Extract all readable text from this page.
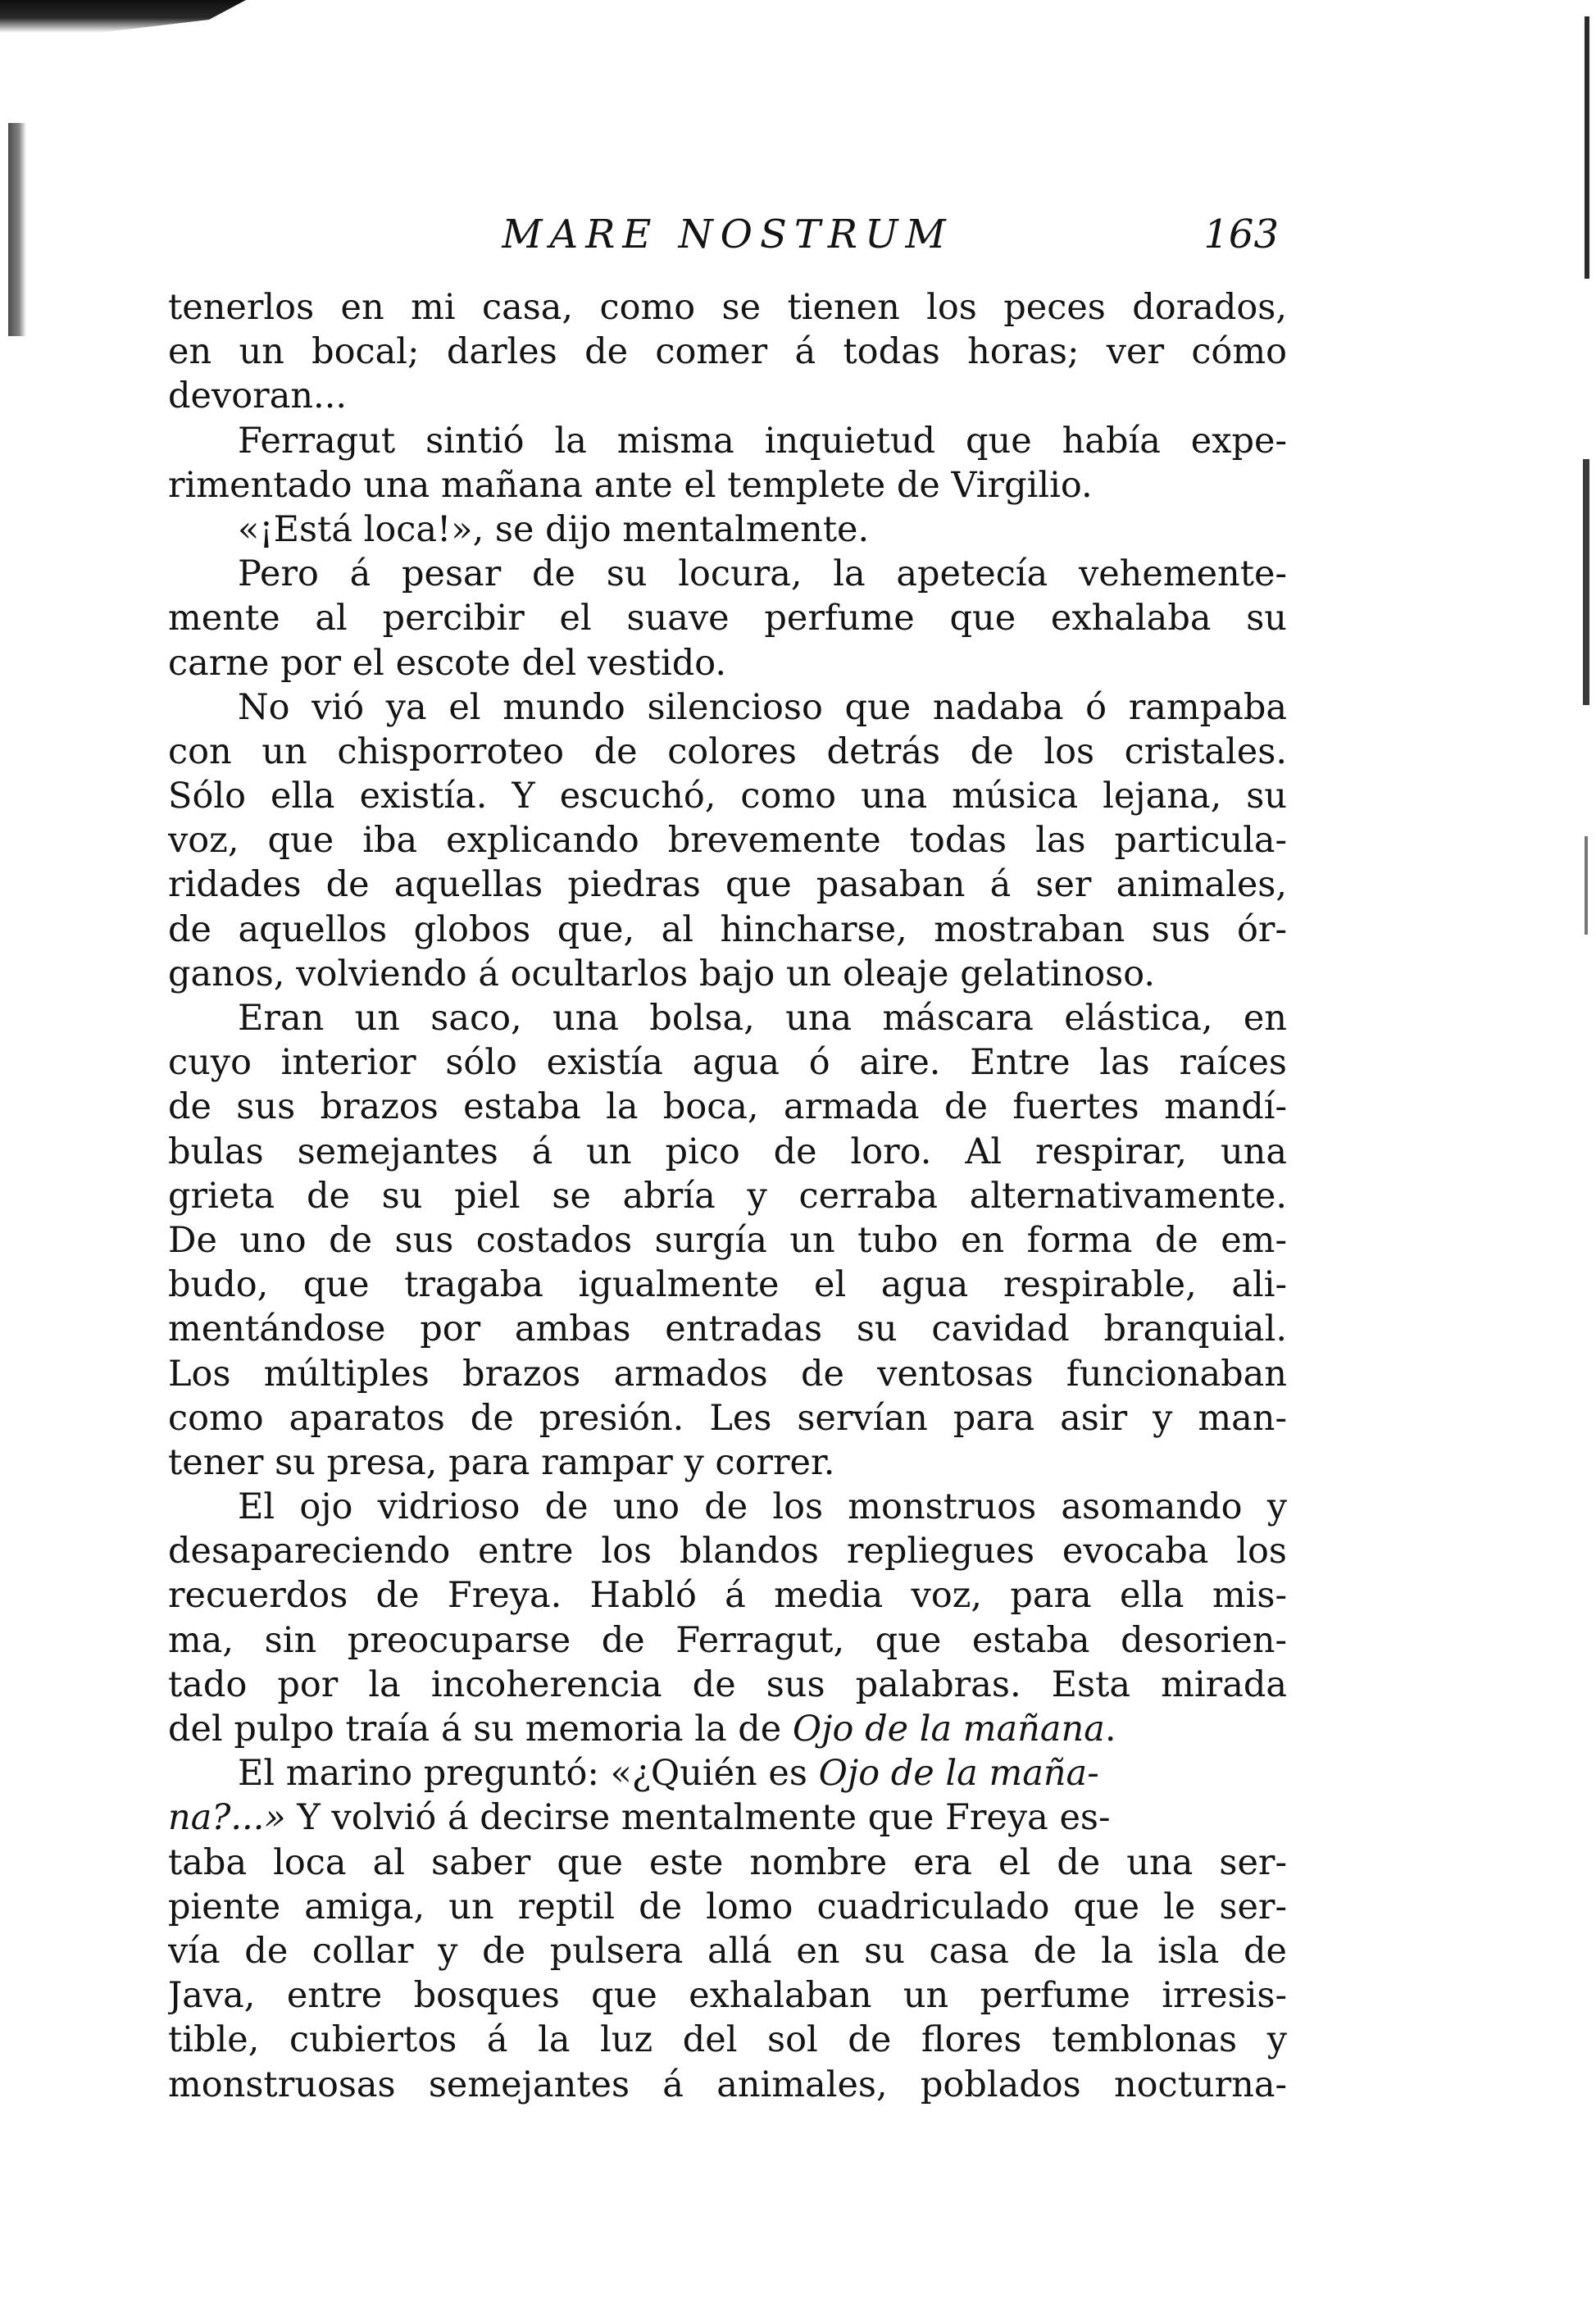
MARE NOSTRUM	163
tenerlos en mi casa, como se tienen los peces dorados,
en un bocal; darles de comer á todas horas; ver cómo
devoran...
Ferragut sintió la misma inquietud que había expe-
rimentado una mañana ante el templete de Virgilio.
«¡Está loca!», se dijo mentalmente.
Pero á pesar de su locura, la apetecía vehemente-
mente al percibir el suave perfume que exhalaba su
carne por el escote del vestido.
No vió ya el mundo silencioso que nadaba ó rampaba
con un chisporroteo de colores detrás de los cristales.
Sólo ella existía. Y escuchó, como una música lejana, su
voz, que iba explicando brevemente todas las particula-
ridades de aquellas piedras que pasaban á ser animales,
de aquellos globos que, al hincharse, mostraban sus ór-
ganos, volviendo á ocultarlos bajo un oleaje gelatinoso.
Eran un saco, una bolsa, una máscara elástica, en
cuyo interior sólo existía agua ó aire. Entre las raíces
de sus brazos estaba la boca, armada de fuertes mandí-
bulas semejantes á un pico de loro. Al respirar, una
grieta de su piel se abría y cerraba alternativamente.
De uno de sus costados surgía un tubo en forma de em-
budo, que tragaba igualmente el agua respirable, ali-
mentándose por ambas entradas su cavidad branquial.
Los múltiples brazos armados de ventosas funcionaban
como aparatos de presión. Les servían para asir y man-
tener su presa, para rampar y correr.
El ojo vidrioso de uno de los monstruos asomando y
desapareciendo entre los blandos repliegues evocaba los
recuerdos de Freya. Habló á media voz, para ella mis-
ma, sin preocuparse de Ferragut, que estaba desorien-
tado por la incoherencia de sus palabras. Esta mirada
del pulpo traía á su memoria la de Ojo de la mañana.
El marino preguntó: «¿Quién es Ojo de la maña-
na?...» Y volvió á decirse mentalmente que Freya es-
taba loca al saber que este nombre era el de una ser-
piente amiga, un reptil de lomo cuadriculado que le ser-
vía de collar y de pulsera allá en su casa de la isla de
Java, entre bosques que exhalaban un perfume irresis-
tible, cubiertos á la luz del sol de flores temblonas y
monstruosas semejantes á animales, poblados nocturna-
